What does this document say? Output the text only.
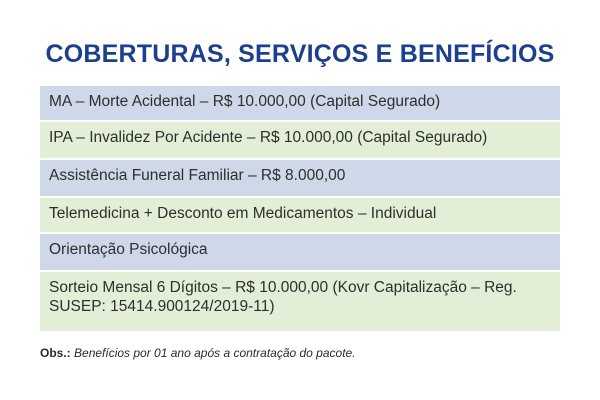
COBERTURAS, SERVIÇOS E BENEFÍCIOS
MA – Morte Acidental – R$ 10.000,00 (Capital Segurado)
IPA – Invalidez Por Acidente – R$ 10.000,00 (Capital Segurado)
Assistência Funeral Familiar – R$ 8.000,00
Telemedicina + Desconto em Medicamentos – Individual
Orientação Psicológica
Sorteio Mensal 6 Dígitos – R$ 10.000,00 (Kovr Capitalização – Reg. SUSEP: 15414.900124/2019-11)
Obs.: Benefícios por 01 ano após a contratação do pacote.
